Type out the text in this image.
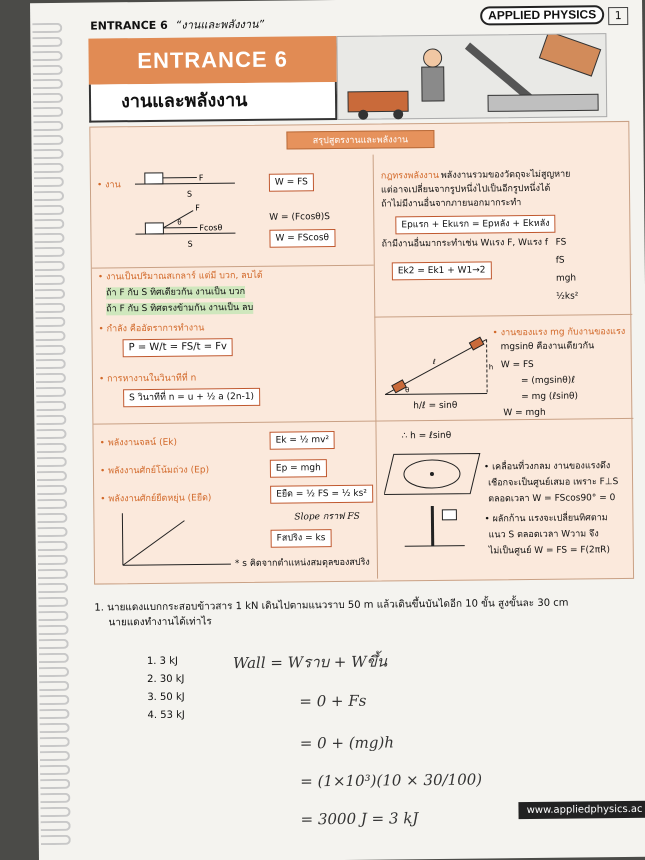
ENTRANCE 6 “งานและพลังงาน”
APPLIED PHYSICS	1
ENTRANCE 6
งานและพลังงาน
สรุปสูตรงานและพลังงาน
• งาน
F
S
F
Fcosθ
θ
S
W = FS
W = (Fcosθ)S
W = FScosθ
• งานเป็นปริมาณสเกลาร์ แต่มี บวก, ลบได้
ถ้า F กับ S ทิศเดียวกัน งานเป็น บวก
ถ้า F กับ S ทิศตรงข้ามกัน งานเป็น ลบ
• กำลัง คืออัตราการทำงาน
P = W/t = FS/t = Fv
• การหางานในวินาทีที่ n
S วินาทีที่ n = u + ½ a (2n-1)
• พลังงานจลน์ (Ek)	Ek = ½ mv²
• พลังงานศักย์โน้มถ่วง (Ep)	Ep = mgh
• พลังงานศักย์ยืดหยุ่น (Eยืด)	Eยืด = ½ FS = ½ ks²
Slope กราฟ FS
Fสปริง = ks
* s คิดจากตำแหน่งสมดุลของสปริง
กฎทรงพลังงาน พลังงานรวมของวัตถุจะไม่สูญหาย
แต่อาจเปลี่ยนจากรูปหนึ่งไปเป็นอีกรูปหนึ่งได้
ถ้าไม่มีงานอื่นจากภายนอกมากระทำ
Epแรก + Ekแรก = Epหลัง + Ekหลัง
ถ้ามีงานอื่นมากระทำเช่น Wแรง F, Wแรง f
Ek2 = Ek1 + W1→2
FS
fS
mgh
½ks²
ℓ
h
θ
• งานของแรง mg กับงานของแรง
mgsinθ คืองานเดียวกัน
W = FS
= (mgsinθ)ℓ
= mg (ℓsinθ)
W = mgh
h/ℓ = sinθ
∴ h = ℓsinθ
• เคลื่อนที่วงกลม งานของแรงดึง
เชือกจะเป็นศูนย์เสมอ เพราะ F⊥S
ตลอดเวลา W = FScos90° = 0
• ผลักก้าน แรงจะเปลี่ยนทิศตาม
แนว S ตลอดเวลา Wวาม จึง
ไม่เป็นศูนย์ W = FS = F(2πR)
1. นายแดงแบกกระสอบข้าวสาร 1 kN เดินไปตามแนวราบ 50 m แล้วเดินขึ้นบันไดอีก 10 ขั้น สูงขั้นละ 30 cm
นายแดงทำงานได้เท่าไร
1. 3 kJ
2. 30 kJ
3. 50 kJ
4. 53 kJ
Wall = Wราบ + Wขึ้น
= 0 + Fs
= 0 + (mg)h
= (1×10³)(10 × 30/100)
= 3000 J = 3 kJ	www.appliedphysics.ac
